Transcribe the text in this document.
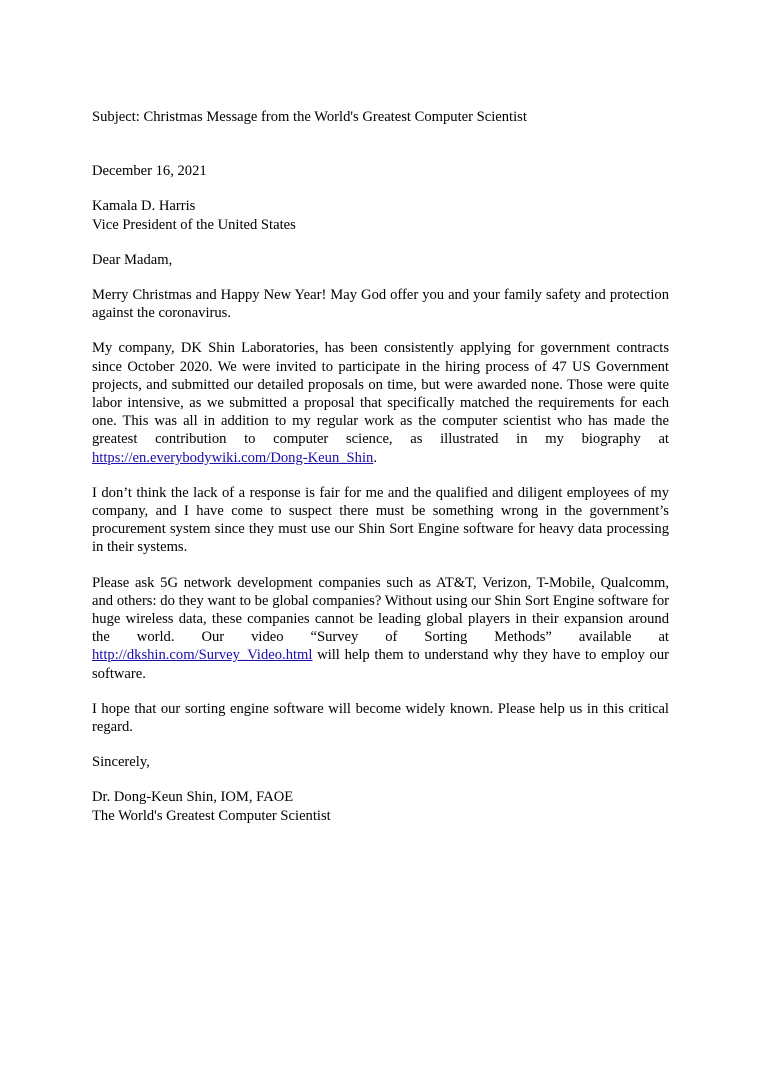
Subject: Christmas Message from the World's Greatest Computer Scientist

December 16, 2021

Kamala D. Harris

Vice President of the United States

Dear Madam,

Merry Christmas and Happy New Year! May God offer you and your family safety and protection against the coronavirus.

My company, DK Shin Laboratories, has been consistently applying for government contracts since October 2020. We were invited to participate in the hiring process of 47 US Government projects, and submitted our detailed proposals on time, but were awarded none. Those were quite labor intensive, as we submitted a proposal that specifically matched the requirements for each one. This was all in addition to my regular work as the computer scientist who has made the greatest contribution to computer science, as illustrated in my biography at https://en.everybodywiki.com/Dong-Keun_Shin.

I don’t think the lack of a response is fair for me and the qualified and diligent employees of my company, and I have come to suspect there must be something wrong in the government’s procurement system since they must use our Shin Sort Engine software for heavy data processing in their systems.

Please ask 5G network development companies such as AT&T, Verizon, T-Mobile, Qualcomm, and others: do they want to be global companies? Without using our Shin Sort Engine software for huge wireless data, these companies cannot be leading global players in their expansion around the world. Our video “Survey of Sorting Methods” available at http://dkshin.com/Survey_Video.html will help them to understand why they have to employ our software.

I hope that our sorting engine software will become widely known. Please help us in this critical regard.

Sincerely,

Dr. Dong-Keun Shin, IOM, FAOE

The World's Greatest Computer Scientist
